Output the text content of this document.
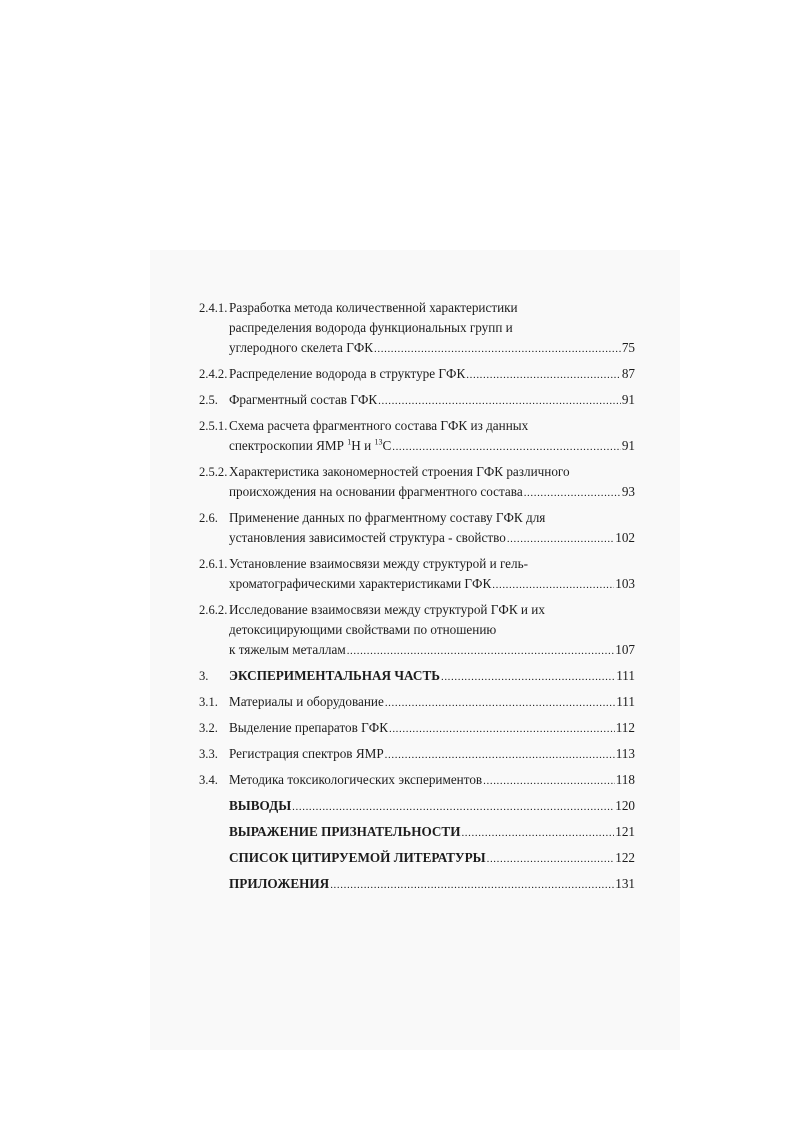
2.4.1. Разработка метода количественной характеристики
распределения водорода функциональных групп и
углеродного скелета ГФК .....	75
2.4.2. Распределение водорода в структуре ГФК .....	87
2.5. Фрагментный состав ГФК .....	91
2.5.1. Схема расчета фрагментного состава ГФК из данных
спектроскопии ЯМР $^1$Н и $^{13}$С .....	91
2.5.2. Характеристика закономерностей строения ГФК различного
происхождения на основании фрагментного состава .....	93
2.6. Применение данных по фрагментному составу ГФК для
установления зависимостей структура - свойство .....	102
2.6.1. Установление взаимосвязи между структурой и гель-
хроматографическими характеристиками ГФК .....	103
2.6.2. Исследование взаимосвязи между структурой ГФК и их
детоксицирующими свойствами по отношению
к тяжелым металлам .....	107
3.	ЭКСПЕРИМЕНТАЛЬНАЯ ЧАСТЬ .....	111
3.1. Материалы и оборудование .....	111
3.2. Выделение препаратов ГФК .....	112
3.3. Регистрация спектров ЯМР .....	113
3.4. Методика токсикологических экспериментов .....	118
ВЫВОДЫ .....	120
ВЫРАЖЕНИЕ ПРИЗНАТЕЛЬНОСТИ .....	121
СПИСОК ЦИТИРУЕМОЙ ЛИТЕРАТУРЫ .....	122
ПРИЛОЖЕНИЯ .....	131
